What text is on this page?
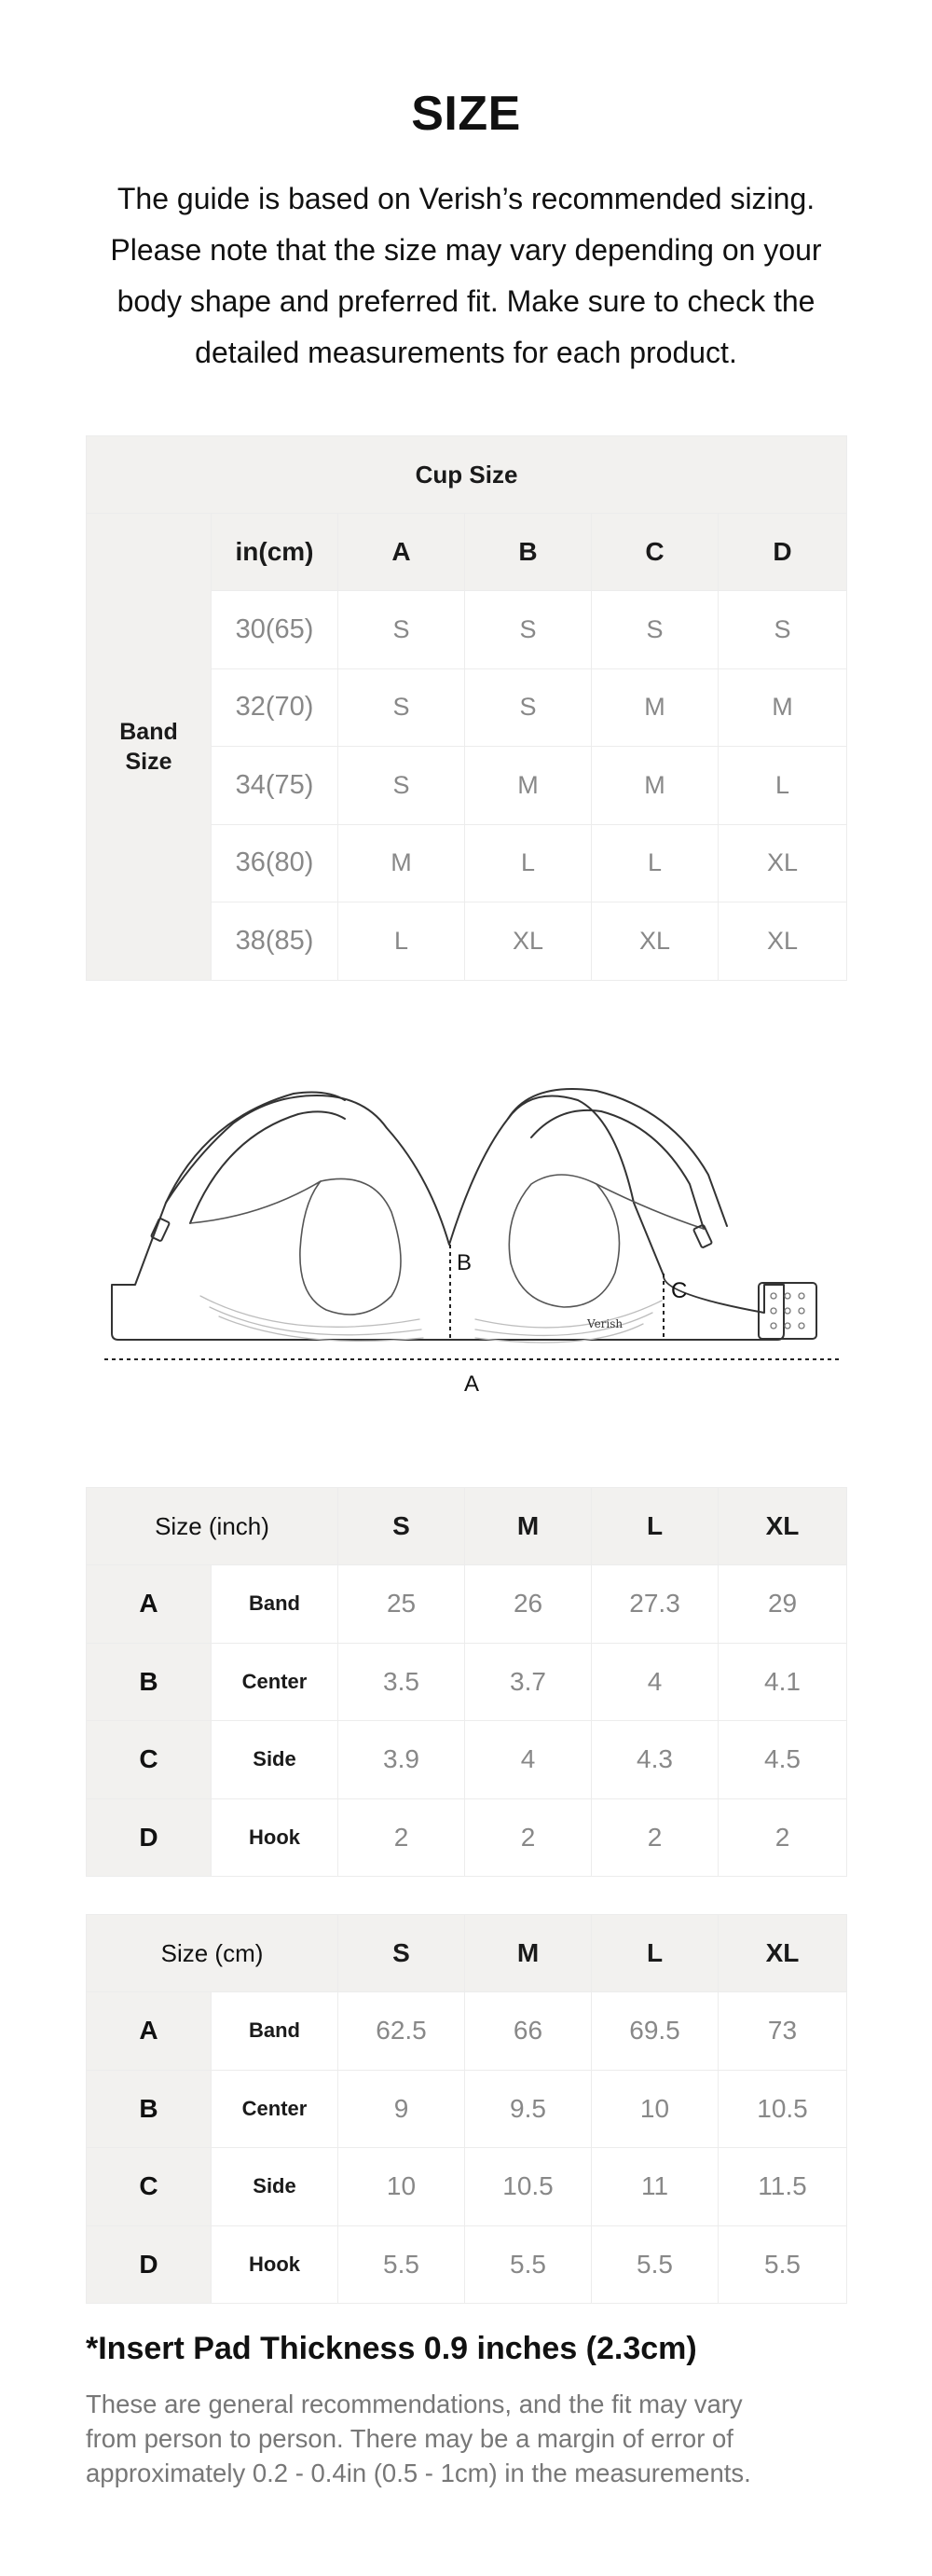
SIZE
The guide is based on Verish’s recommended sizing.
Please note that the size may vary depending on your
body shape and preferred fit. Make sure to check the
detailed measurements for each product.
Cup Size					

Band
Size	in(cm)	A	B	C	D
	30(65)	S	S	S	S
	32(70)	S	S	M	M
	34(75)	S	M	M	L
	36(80)	M	L	L	XL
	38(85)	L	XL	XL	XL
Verish
B
C
A
Size (inch)		S	M	L	XL
A	Band	25	26	27.3	29
B	Center	3.5	3.7	4	4.1
C	Side	3.9	4	4.3	4.5
D	Hook	2	2	2	2
Size (cm)		S	M	L	XL
A	Band	62.5	66	69.5	73
B	Center	9	9.5	10	10.5
C	Side	10	10.5	11	11.5
D	Hook	5.5	5.5	5.5	5.5
*Insert Pad Thickness 0.9 inches (2.3cm)
These are general recommendations, and the fit may vary
from person to person. There may be a margin of error of
approximately 0.2 - 0.4in (0.5 - 1cm) in the measurements.
